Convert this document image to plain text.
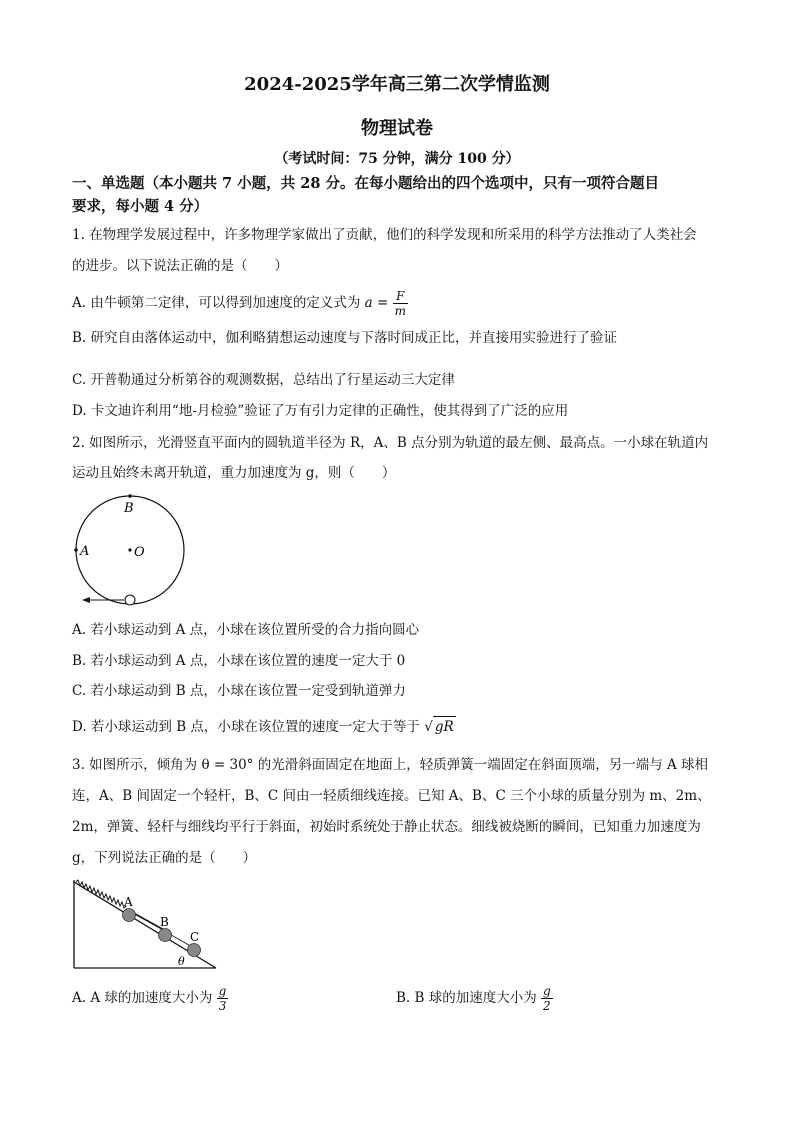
2024-2025学年高三第二次学情监测
物理试卷
（考试时间：75 分钟，满分 100 分）
一、单选题（本小题共 7 小题，共 28 分。在每小题给出的四个选项中，只有一项符合题目
要求，每小题 4 分）
1. 在物理学发展过程中，许多物理学家做出了贡献，他们的科学发现和所采用的科学方法推动了人类社会
的进步。以下说法正确的是（　　）
A. 由牛顿第二定律，可以得到加速度的定义式为 $a = \frac{F}{m}$
B. 研究自由落体运动中，伽利略猜想运动速度与下落时间成正比，并直接用实验进行了验证
C. 开普勒通过分析第谷的观测数据，总结出了行星运动三大定律
D. 卡文迪许利用“地-月检验”验证了万有引力定律的正确性，使其得到了广泛的应用
2. 如图所示，光滑竖直平面内的圆轨道半径为 R，A、B 点分别为轨道的最左侧、最高点。一小球在轨道内
运动且始终未离开轨道，重力加速度为 g，则（　　）
B
A	O
A. 若小球运动到 A 点，小球在该位置所受的合力指向圆心
B. 若小球运动到 A 点，小球在该位置的速度一定大于 0
C. 若小球运动到 B 点，小球在该位置一定受到轨道弹力
D. 若小球运动到 B 点，小球在该位置的速度一定大于等于 √ gR
3. 如图所示，倾角为 θ = 30° 的光滑斜面固定在地面上，轻质弹簧一端固定在斜面顶端，另一端与 A 球相
连，A、B 间固定一个轻杆，B、C 间由一轻质细线连接。已知 A、B、C 三个小球的质量分别为 m、2m、
2m，弹簧、轻杆与细线均平行于斜面，初始时系统处于静止状态。细线被烧断的瞬间，已知重力加速度为
g，下列说法正确的是（　　）
A
B
C
θ
A. A 球的加速度大小为 $\frac{g}{3}$	B. B 球的加速度大小为 $\frac{g}{2}$
